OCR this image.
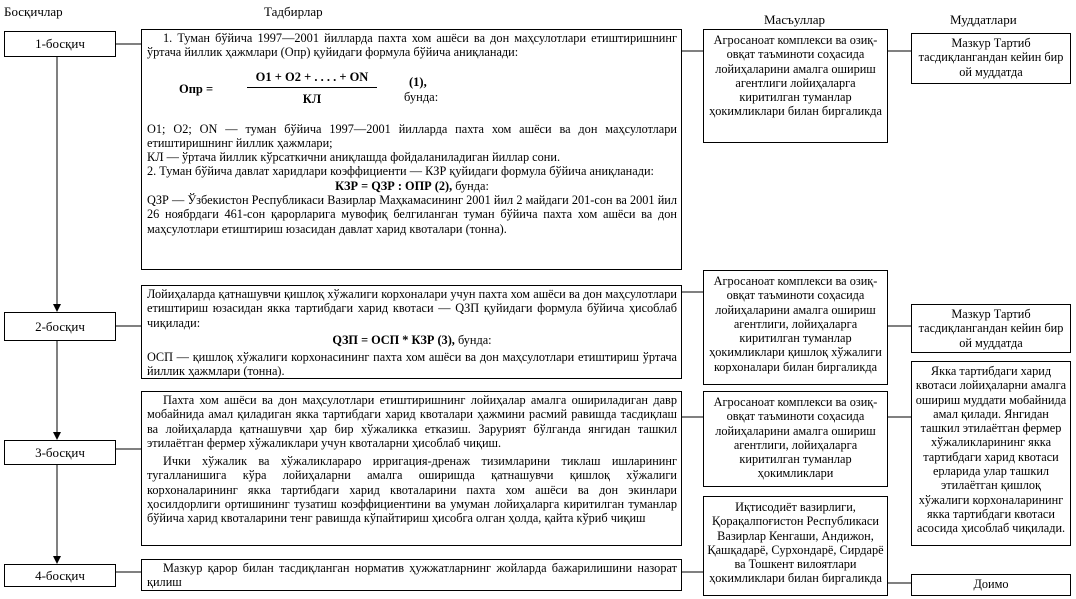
Босқичлар	Тадбирлар
Масъуллар	Муддатлари
1-босқич
2-босқич
3-босқич
4-босқич

1. Туман бўйича 1997—2001 йилларда пахта хом ашёси ва дон маҳсулотлари етиштиришнинг ўртача йиллик ҳажмлари (Oпр) қуйидаги формула бўйича аниқланади:

Oпр =
O1 + O2 + . . . . + ON
КЛ
(1),
бунда:

O1; O2; ON — туман бўйича 1997—2001 йилларда пахта хом ашёси ва дон маҳсулотлари етиштиришнинг йиллик ҳажмлари;

КЛ — ўртача йиллик кўрсаткични аниқлашда фойдаланиладиган йиллар сони.

2. Туман бўйича давлат харидлари коэффициенти — КЗР қуйидаги формула бўйича аниқланади:

КЗР = QЗР : OПР (2), бунда:

QЗР — Ўзбекистон Республикаси Вазирлар Маҳкамасининг 2001 йил 2 майдаги 201-сон ва 2001 йил 26 ноябрдаги 461-сон қарорларига мувофиқ белгиланган туман бўйича пахта хом ашёси ва дон маҳсулотлари етиштириш юзасидан давлат харид квоталари (тонна).

Лойиҳаларда қатнашувчи қишлоқ хўжалиги корхоналари учун пахта хом ашёси ва дон маҳсулотлари етиштириш юзасидан якка тартибдаги харид квотаси — QЗП қуйидаги формула бўйича ҳисоблаб чиқилади:

QЗП = OСП * КЗР (3), бунда:

OСП — қишлоқ хўжалиги корхонасининг пахта хом ашёси ва дон маҳсулотлари етиштириш ўртача йиллик ҳажмлари (тонна).

Пахта хом ашёси ва дон маҳсулотлари етиштиришнинг лойиҳалар амалга ошириладиган давр мобайнида амал қиладиган якка тартибдаги харид квоталари ҳажмини расмий равишда тасдиқлаш ва лойиҳаларда қатнашувчи ҳар бир хўжаликка етказиш. Зарурият бўлганда янгидан ташкил этилаётган фермер хўжаликлари учун квоталарни ҳисоблаб чиқиш.

Ички хўжалик ва хўжаликлараро ирригация-дренаж тизимларини тиклаш ишларининг тугалланишига кўра лойиҳаларни амалга оширишда қатнашувчи қишлоқ хўжалиги корхоналарининг якка тартибдаги харид квоталарини пахта хом ашёси ва дон экинлари ҳосилдорлиги ортишининг тузатиш коэффициентини ва умуман лойиҳаларга киритилган туманлар бўйича харид квоталарини тенг равишда кўпайтириш ҳисобга олган ҳолда, қайта кўриб чиқиш

Мазкур қарор билан тасдиқланган норматив ҳужжатларнинг жойларда бажарилишини назорат қилиш

Агросаноат комплекси ва озиқ-овқат таъминоти соҳасида лойиҳаларини амалга ошириш агентлиги лойиҳаларга киритилган туманлар ҳокимликлари билан биргаликда
Агросаноат комплекси ва озиқ-овқат таъминоти соҳасида лойиҳаларини амалга ошириш агентлиги, лойиҳаларга киритилган туманлар ҳокимликлари қишлоқ хўжалиги корхоналари билан биргаликда
Агросаноат комплекси ва озиқ-овқат таъминоти соҳасида лойиҳаларини амалга ошириш агентлиги, лойиҳаларга киритилган туманлар ҳокимликлари
Иқтисодиёт вазирлиги, Қорақалпоғистон Республикаси Вазирлар Кенгаши, Андижон, Қашқадарё, Сурхондарё, Сирдарё ва Тошкент вилоятлари ҳокимликлари билан биргаликда
Мазкур Тартиб тасдиқлангандан кейин бир ой муддатда
Мазкур Тартиб тасдиқлангандан кейин бир ой муддатда
Якка тартибдаги харид квотаси лойиҳаларни амалга ошириш муддати мобайнида амал қилади. Янгидан ташкил этилаётган фермер хўжаликларининг якка тартибдаги харид квотаси ерларида улар ташкил этилаётган қишлоқ хўжалиги корхоналарининг якка тартибдаги квотаси асосида ҳисоблаб чиқилади.
Доимо
